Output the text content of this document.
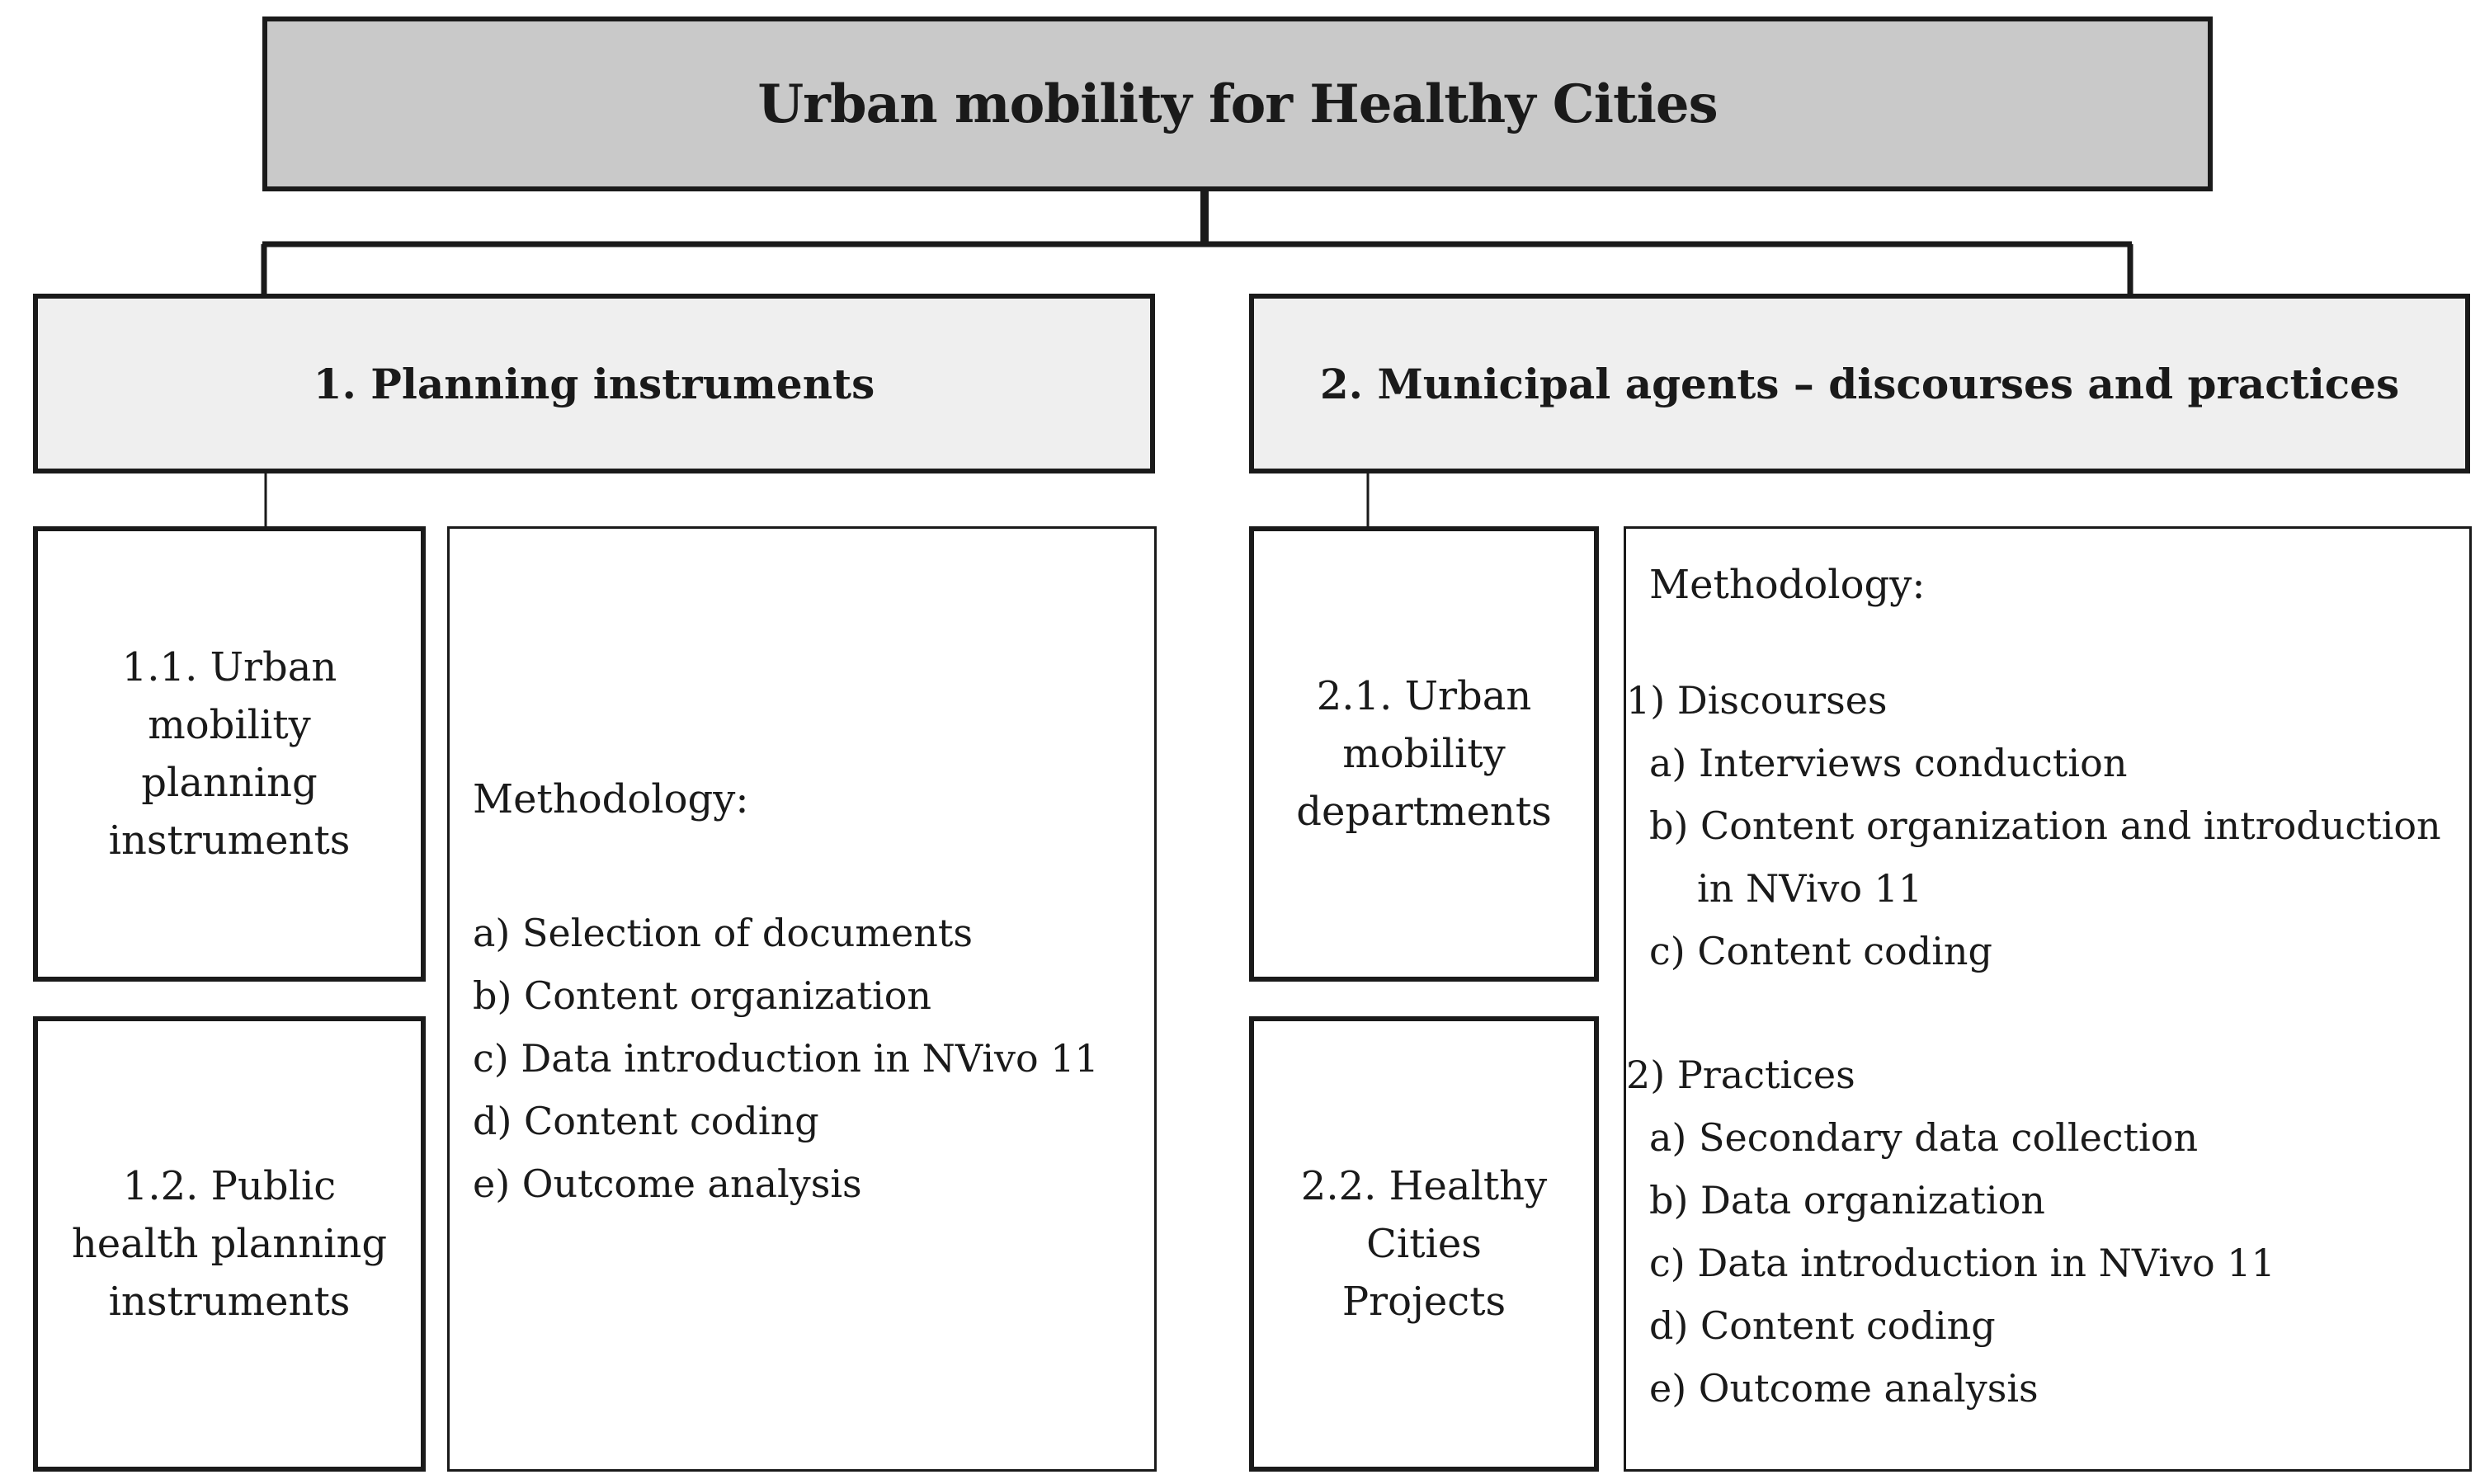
Urban mobility for Healthy Cities
1. Planning instruments	2. Municipal agents – discourses and practices
1.1. Urban
mobility
planning
instruments
1.2. Public
health planning
instruments
2.1. Urban
mobility
departments
2.2. Healthy
Cities
Projects
Methodology:
a) Selection of documents
b) Content organization
c) Data introduction in NVivo 11
d) Content coding
e) Outcome analysis
Methodology:
1) Discourses
a) Interviews conduction
b) Content organization and introduction
in NVivo 11
c) Content coding
2) Practices
a) Secondary data collection
b) Data organization
c) Data introduction in NVivo 11
d) Content coding
e) Outcome analysis
